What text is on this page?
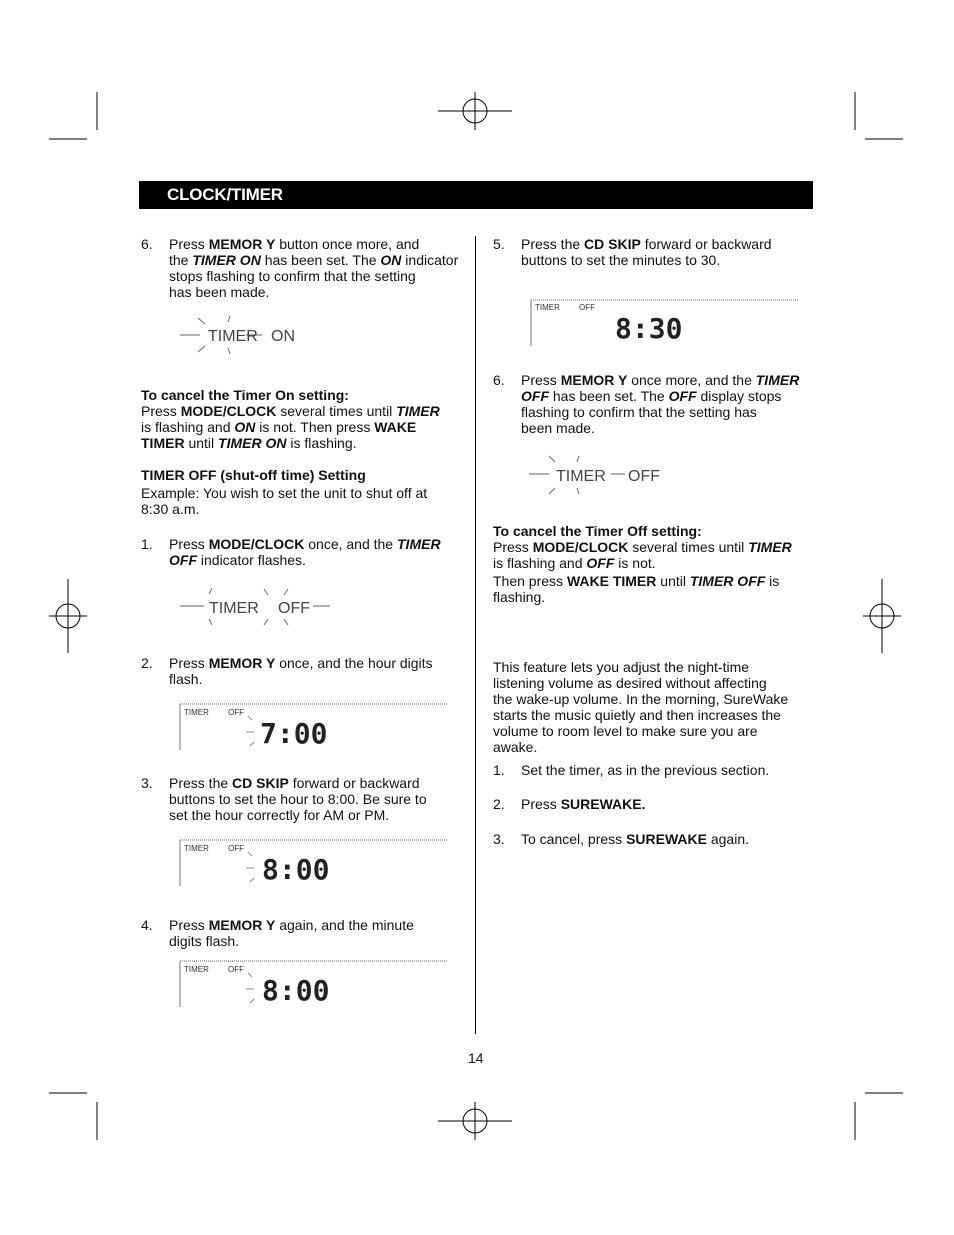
CLOCK/TIMER
6. Press MEMOR Y button once more, and
the TIMER ON has been set. The ON indicator
stops flashing to confirm that the setting
has been made.
TIMER ON
To cancel the Timer On setting:
Press MODE/CLOCK several times until TIMER
is flashing and ON is not. Then press WAKE
TIMER until TIMER ON is flashing.
TIMER OFF (shut-off time) Setting
Example: You wish to set the unit to shut off at
8:30 a.m.
1. Press MODE/CLOCK once, and the TIMER
OFF indicator flashes.
TIMER OFF
2. Press MEMOR Y once, and the hour digits
flash.
TIMER OFF
7:00
3. Press the CD SKIP forward or backward
buttons to set the hour to 8:00. Be sure to
set the hour correctly for AM or PM.
TIMER OFF
8:00
4. Press MEMOR Y again, and the minute
digits flash.
TIMER OFF
8:00
5. Press the CD SKIP forward or backward
buttons to set the minutes to 30.
TIMER OFF
8:30
6. Press MEMOR Y once more, and the TIMER
OFF has been set. The OFF display stops
flashing to confirm that the setting has
been made.
TIMER OFF
To cancel the Timer Off setting:
Press MODE/CLOCK several times until TIMER
is flashing and OFF is not.
Then press WAKE TIMER until TIMER OFF is
flashing.
This feature lets you adjust the night-time
listening volume as desired without affecting
the wake-up volume. In the morning, SureWake
starts the music quietly and then increases the
volume to room level to make sure you are
awake.
1. Set the timer, as in the previous section.
2. Press SUREWAKE.
3. To cancel, press SUREWAKE again.
14
